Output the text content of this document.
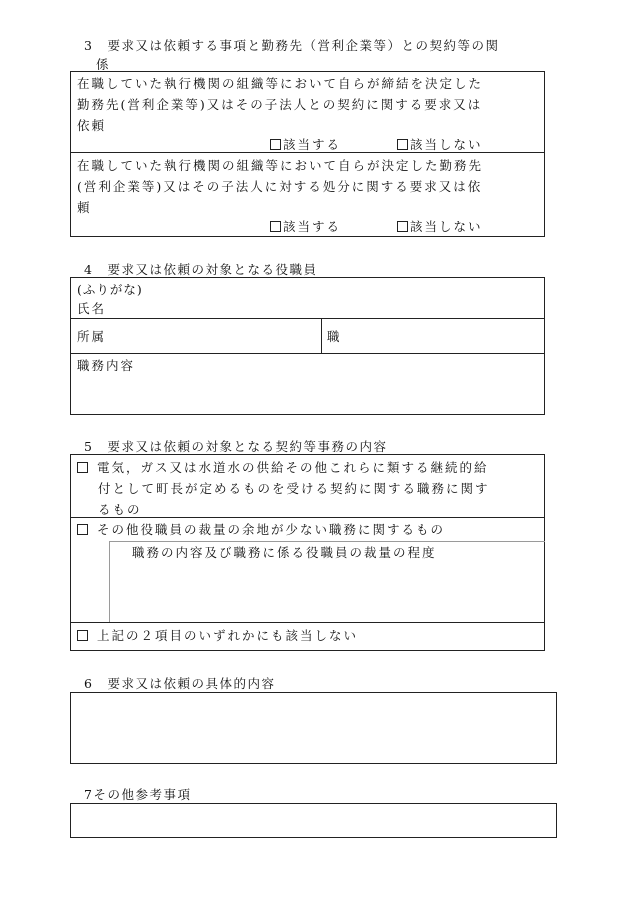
3　要求又は依頼する事項と勤務先（営利企業等）との契約等の関
係
在職していた執行機関の組織等において自らが締結を決定した
勤務先(営利企業等)又はその子法人との契約に関する要求又は
依頼
該当する	該当しない
在職していた執行機関の組織等において自らが決定した勤務先
(営利企業等)又はその子法人に対する処分に関する要求又は依
頼
該当する	該当しない
4　要求又は依頼の対象となる役職員
(ふりがな)
氏名
所属	職
職務内容
5　要求又は依頼の対象となる契約等事務の内容
電気，ガス又は水道水の供給その他これらに類する継続的給
付として町長が定めるものを受ける契約に関する職務に関す
るもの
その他役職員の裁量の余地が少ない職務に関するもの
職務の内容及び職務に係る役職員の裁量の程度
上記の２項目のいずれかにも該当しない
6　要求又は依頼の具体的内容
7その他参考事項
